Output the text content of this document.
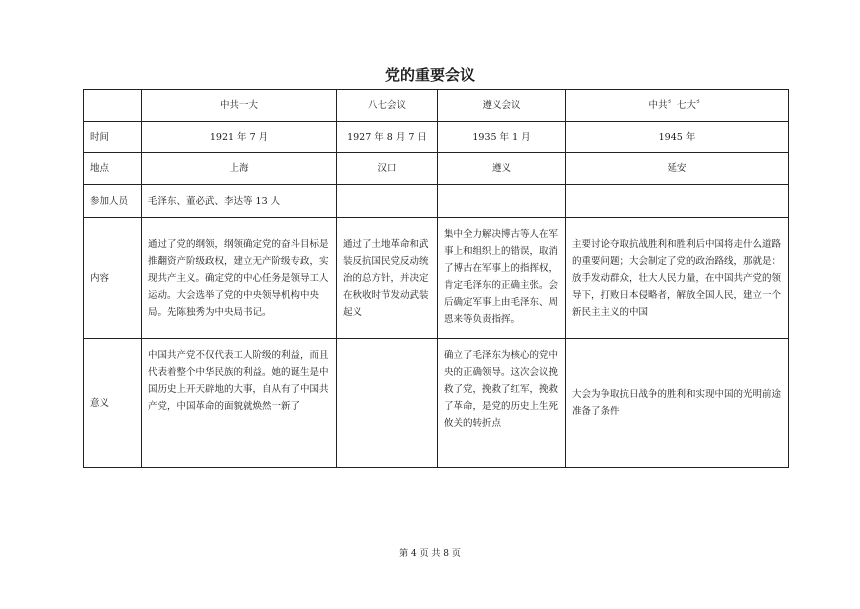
党的重要会议
	中共一大	八七会议	遵义会议	中共〞七大〞
时间	1921 年 7 月	1927 年 8 月 7 日	1935 年 1 月	1945 年
地点	上海	汉口	遵义	延安
参加人员	毛泽东、董必武、李达等 13 人			
内容	通过了党的纲领，纲领确定党的奋斗目标是推翻资产阶级政权，建立无产阶级专政，实现共产主义。确定党的中心任务是领导工人运动。大会选举了党的中央领导机构中央局。先陈独秀为中央局书记。	通过了土地革命和武装反抗国民党反动统治的总方针，并决定在秋收时节发动武装起义	集中全力解决博古等人在军事上和组织上的错误，取消了博古在军事上的指挥权，肯定毛泽东的正确主张。会后确定军事上由毛泽东、周恩来等负责指挥。	主要讨论夺取抗战胜利和胜利后中国将走什么道路的重要问题；大会制定了党的政治路线，那就是：放手发动群众，壮大人民力量，在中国共产党的领导下，打败日本侵略者，解放全国人民，建立一个新民主主义的中国
意义	中国共产党不仅代表工人阶级的利益，而且代表着整个中华民族的利益。她的诞生是中国历史上开天辟地的大事，自从有了中国共产党，中国革命的面貌就焕然一新了		确立了毛泽东为核心的党中央的正确领导。这次会议挽救了党，挽救了红军，挽救了革命，是党的历史上生死攸关的转折点	大会为争取抗日战争的胜利和实现中国的光明前途准备了条件
第 4 页 共 8 页
